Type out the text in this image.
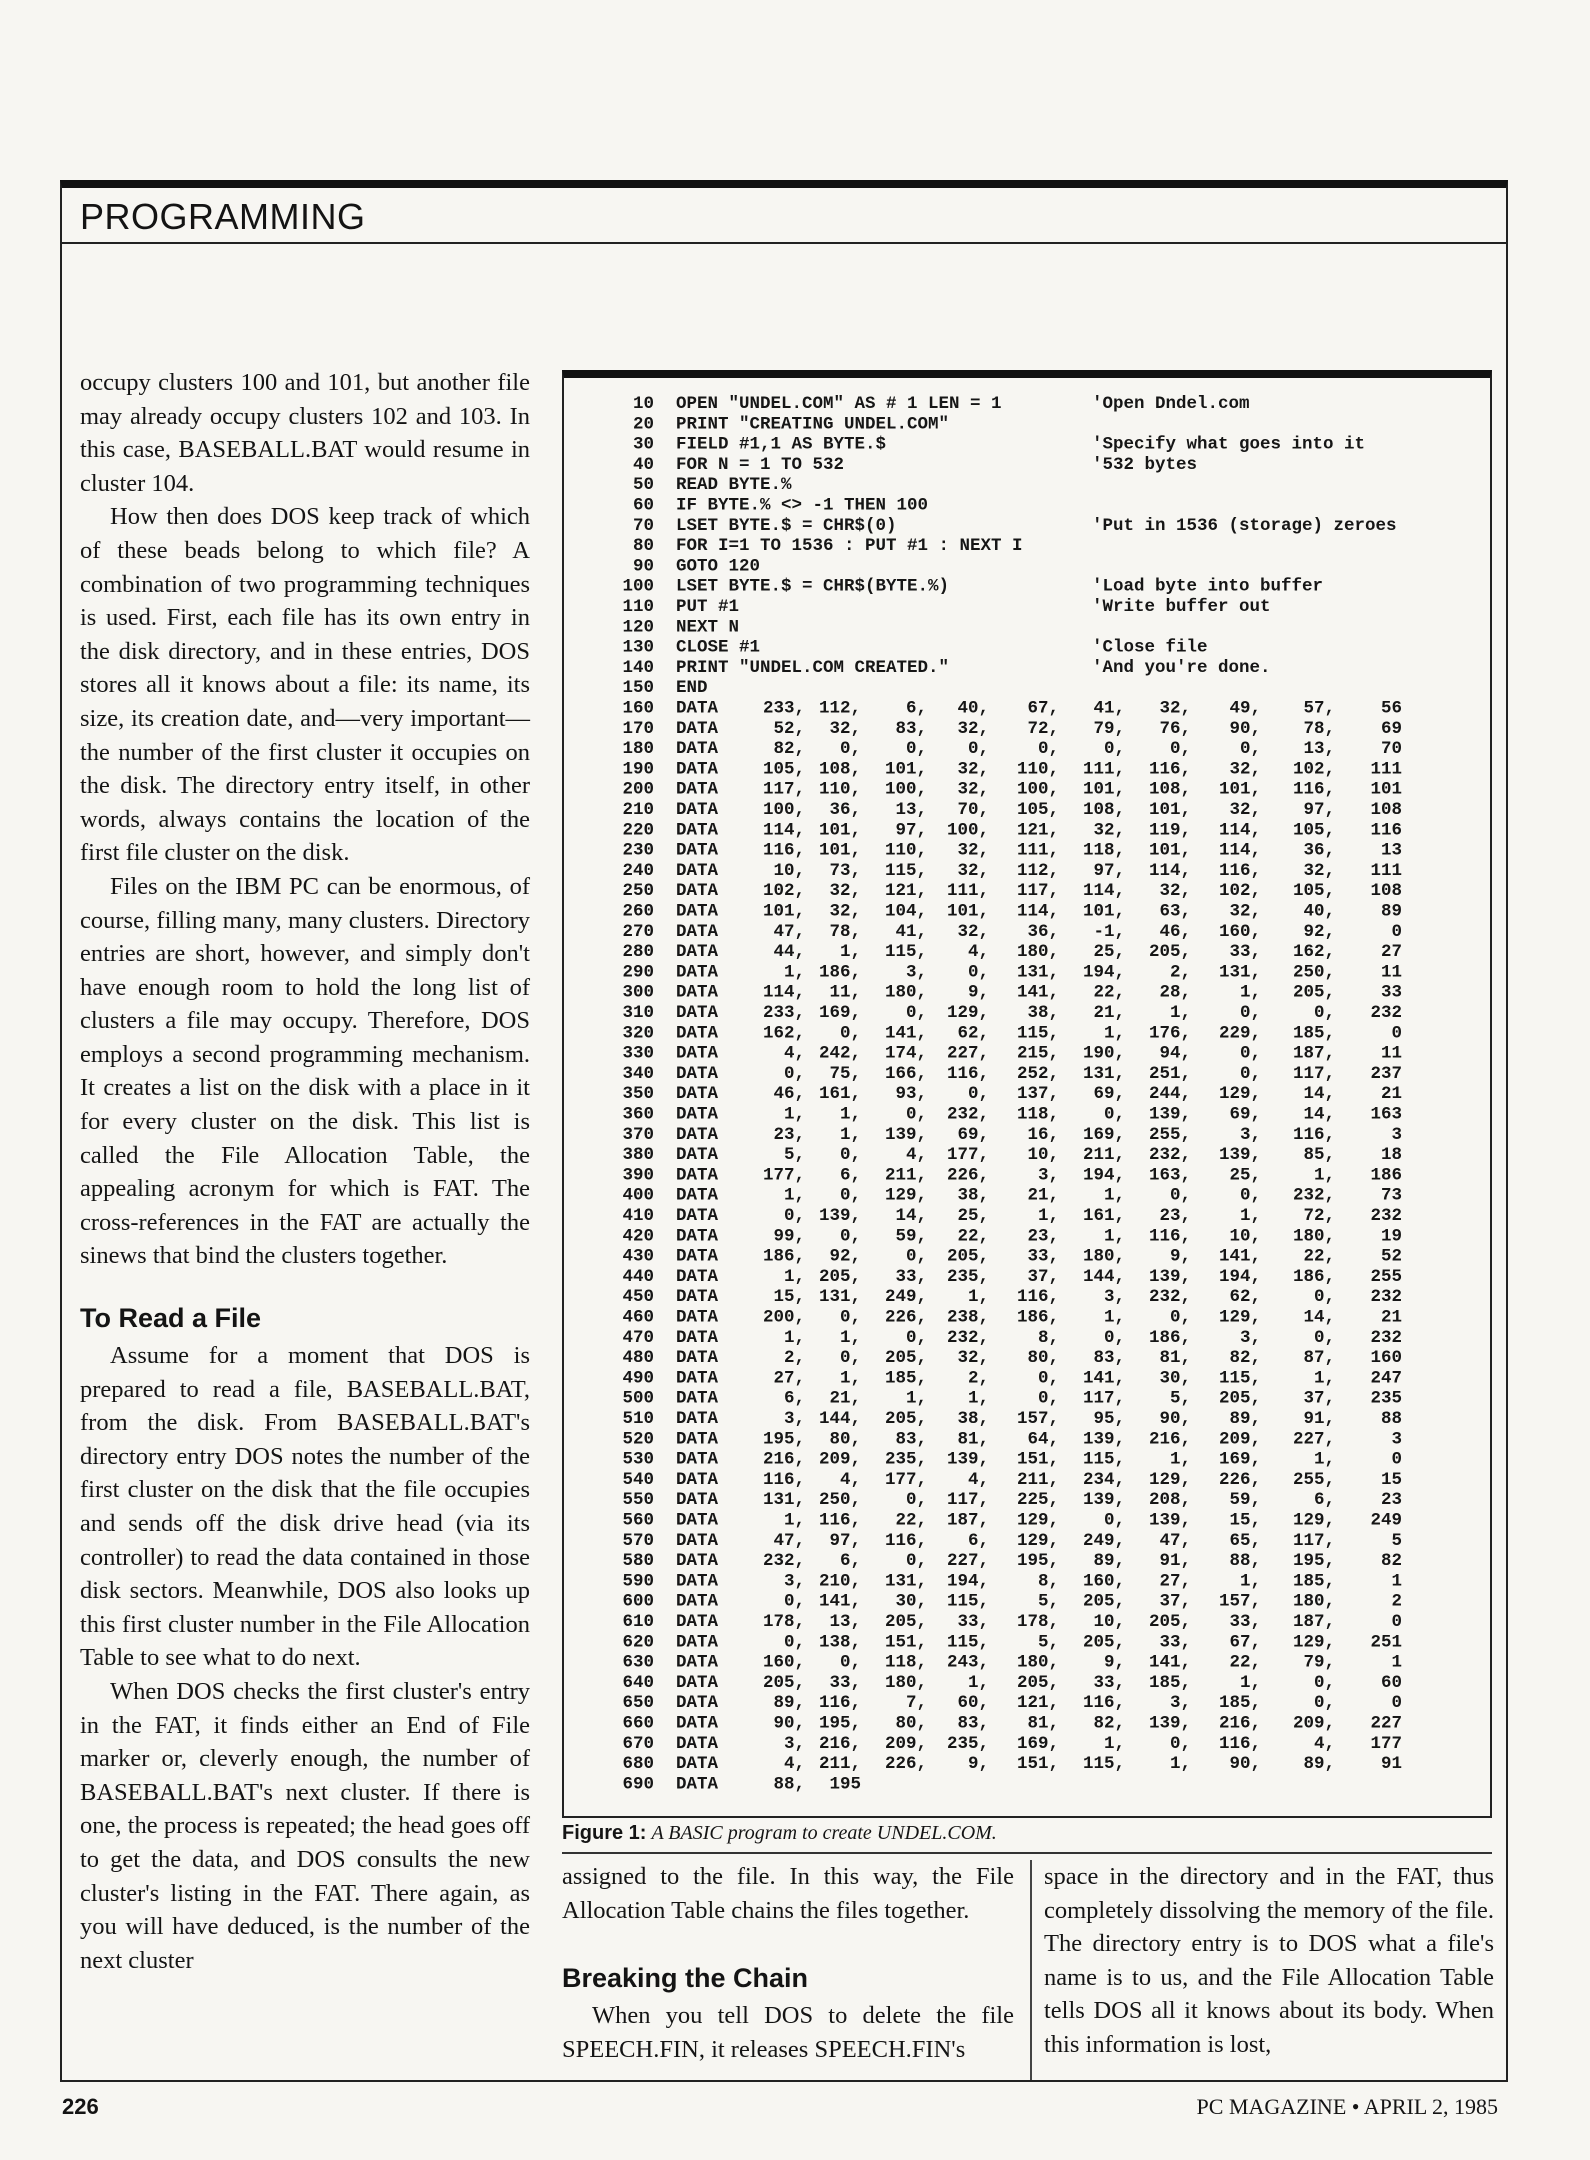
PROGRAMMING

occupy clusters 100 and 101, but another file may already occupy clusters 102 and 103. In this case, BASEBALL.BAT would resume in cluster 104.

How then does DOS keep track of which of these beads belong to which file? A combination of two programming techniques is used. First, each file has its own entry in the disk directory, and in these entries, DOS stores all it knows about a file: its name, its size, its creation date, and—very important—the number of the first cluster it occupies on the disk. The directory entry itself, in other words, always contains the location of the first file cluster on the disk.

Files on the IBM PC can be enormous, of course, filling many, many clusters. Directory entries are short, however, and simply don't have enough room to hold the long list of clusters a file may occupy. Therefore, DOS employs a second programming mechanism. It creates a list on the disk with a place in it for every cluster on the disk. This list is called the File Allocation Table, the appealing acronym for which is FAT. The cross-references in the FAT are actually the sinews that bind the clusters together.

To Read a File

Assume for a moment that DOS is prepared to read a file, BASEBALL.BAT, from the disk. From BASEBALL.BAT's directory entry DOS notes the number of the first cluster on the disk that the file occupies and sends off the disk drive head (via its controller) to read the data contained in those disk sectors. Meanwhile, DOS also looks up this first cluster number in the File Allocation Table to see what to do next.

When DOS checks the first cluster's entry in the FAT, it finds either an End of File marker or, cleverly enough, the number of BASEBALL.BAT's next cluster. If there is one, the process is repeated; the head goes off to get the data, and DOS consults the new cluster's listing in the FAT. There again, as you will have deduced, is the number of the next cluster

10 OPEN "UNDEL.COM" AS # 1 LEN = 1	'Open Dndel.com
20 PRINT "CREATING UNDEL.COM"
30 FIELD #1,1 AS BYTE.$	'Specify what goes into it
40 FOR N = 1 TO 532	'532 bytes
50 READ BYTE.%
60 IF BYTE.% <> -1 THEN 100
70 LSET BYTE.$ = CHR$(0)	'Put in 1536 (storage) zeroes
80 FOR I=1 TO 1536 : PUT #1 : NEXT I
90 GOTO 120
100 LSET BYTE.$ = CHR$(BYTE.%)	'Load byte into buffer
110 PUT #1	'Write buffer out
120 NEXT N
130 CLOSE #1	'Close file
140 PRINT "UNDEL.COM CREATED."	'And you're done.
150 END
160 DATA	233, 112,	6, 40, 67, 41, 32, 49, 57,	56
170 DATA	52, 32, 83, 32, 72, 79, 76, 90, 78,	69
180 DATA	82, 0,	0, 0,	0,	0,	0,	0, 13,	70
190 DATA	105, 108, 101, 32, 110, 111, 116, 32, 102, 111
200 DATA	117, 110, 100, 32, 100, 101, 108, 101, 116, 101
210 DATA	100, 36, 13, 70, 105, 108, 101, 32, 97, 108
220 DATA	114, 101, 97, 100, 121, 32, 119, 114, 105, 116
230 DATA	116, 101, 110, 32, 111, 118, 101, 114, 36,	13
240 DATA	10, 73, 115, 32, 112, 97, 114, 116, 32, 111
250 DATA	102, 32, 121, 111, 117, 114, 32, 102, 105, 108
260 DATA	101, 32, 104, 101, 114, 101, 63, 32, 40,	89
270 DATA	47, 78, 41, 32, 36, -1, 46, 160, 92,	0
280 DATA	44, 1, 115, 4, 180, 25, 205, 33, 162,	27
290 DATA	1, 186,	3, 0, 131, 194,	2, 131, 250,	11
300 DATA	114, 11, 180, 9, 141, 22, 28,	1, 205,	33
310 DATA	233, 169,	0, 129, 38, 21,	1,	0,	0, 232
320 DATA	162, 0, 141, 62, 115,	1, 176, 229, 185,	0
330 DATA	4, 242, 174, 227, 215, 190, 94,	0, 187,	11
340 DATA	0, 75, 166, 116, 252, 131, 251,	0, 117, 237
350 DATA	46, 161, 93, 0, 137, 69, 244, 129, 14,	21
360 DATA	1, 1,	0, 232, 118,	0, 139, 69, 14, 163
370 DATA	23, 1, 139, 69, 16, 169, 255,	3, 116,	3
380 DATA	5, 0,	4, 177, 10, 211, 232, 139, 85,	18
390 DATA	177, 6, 211, 226,	3, 194, 163, 25,	1, 186
400 DATA	1, 0, 129, 38, 21,	1,	0,	0, 232,	73
410 DATA	0, 139, 14, 25,	1, 161, 23,	1, 72, 232
420 DATA	99, 0, 59, 22, 23,	1, 116, 10, 180,	19
430 DATA	186, 92,	0, 205, 33, 180,	9, 141, 22,	52
440 DATA	1, 205, 33, 235, 37, 144, 139, 194, 186, 255
450 DATA	15, 131, 249, 1, 116,	3, 232, 62,	0, 232
460 DATA	200, 0, 226, 238, 186,	1,	0, 129, 14,	21
470 DATA	1, 1,	0, 232,	8,	0, 186,	3,	0, 232
480 DATA	2, 0, 205, 32, 80, 83, 81, 82, 87, 160
490 DATA	27, 1, 185, 2,	0, 141, 30, 115,	1, 247
500 DATA	6, 21,	1, 1,	0, 117,	5, 205, 37, 235
510 DATA	3, 144, 205, 38, 157, 95, 90, 89, 91,	88
520 DATA	195, 80, 83, 81, 64, 139, 216, 209, 227,	3
530 DATA	216, 209, 235, 139, 151, 115,	1, 169,	1,	0
540 DATA	116, 4, 177, 4, 211, 234, 129, 226, 255,	15
550 DATA	131, 250,	0, 117, 225, 139, 208, 59,	6,	23
560 DATA	1, 116, 22, 187, 129,	0, 139, 15, 129, 249
570 DATA	47, 97, 116, 6, 129, 249, 47, 65, 117,	5
580 DATA	232, 6,	0, 227, 195, 89, 91, 88, 195,	82
590 DATA	3, 210, 131, 194,	8, 160, 27,	1, 185,	1
600 DATA	0, 141, 30, 115,	5, 205, 37, 157, 180,	2
610 DATA	178, 13, 205, 33, 178, 10, 205, 33, 187,	0
620 DATA	0, 138, 151, 115,	5, 205, 33, 67, 129, 251
630 DATA	160, 0, 118, 243, 180,	9, 141, 22, 79,	1
640 DATA	205, 33, 180, 1, 205, 33, 185,	1,	0,	60
650 DATA	89, 116,	7, 60, 121, 116,	3, 185,	0,	0
660 DATA	90, 195, 80, 83, 81, 82, 139, 216, 209, 227
670 DATA	3, 216, 209, 235, 169,	1,	0, 116,	4, 177
680 DATA	4, 211, 226, 9, 151, 115,	1, 90, 89,	91
690 DATA	88, 195
Figure 1: A BASIC program to create UNDEL.COM.

assigned to the file. In this way, the File Allocation Table chains the files together.

Breaking the Chain

When you tell DOS to delete the file SPEECH.FIN, it releases SPEECH.FIN's

space in the directory and in the FAT, thus completely dissolving the memory of the file. The directory entry is to DOS what a file's name is to us, and the File Allocation Table tells DOS all it knows about its body. When this information is lost,

226	PC MAGAZINE • APRIL 2, 1985
